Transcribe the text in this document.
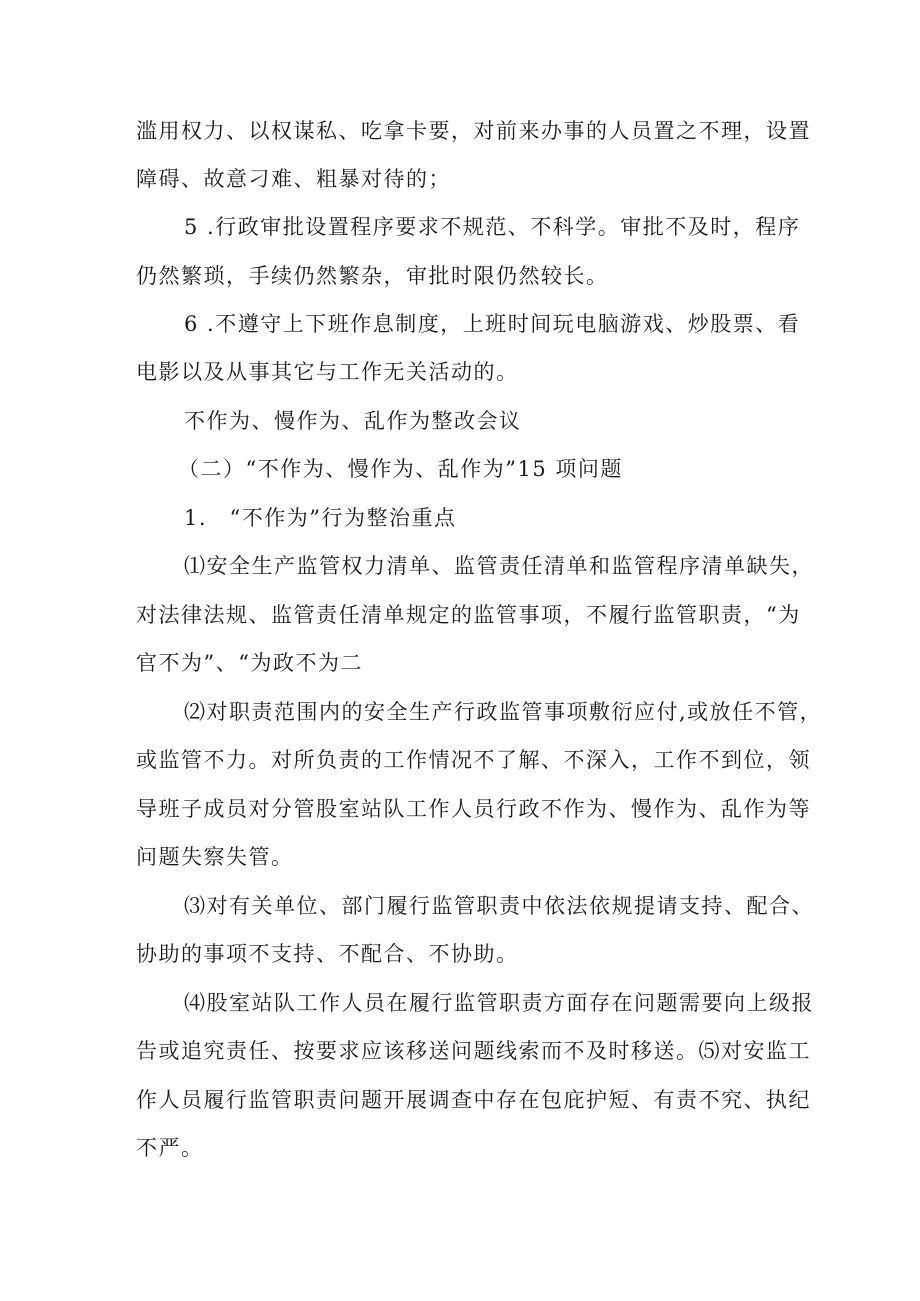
滥用权力、以权谋私、吃拿卡要，对前来办事的人员置之不理，设置
障碍、故意刁难、粗暴对待的；
5 .行政审批设置程序要求不规范、不科学。审批不及时，程序
仍然繁琐，手续仍然繁杂，审批时限仍然较长。
6 .不遵守上下班作息制度，上班时间玩电脑游戏、炒股票、看
电影以及从事其它与工作无关活动的。
不作为、慢作为、乱作为整改会议
（二）“不作为、慢作为、乱作为”15 项问题
1.　“不作为”行为整治重点
⑴安全生产监管权力清单、监管责任清单和监管程序清单缺失，
对法律法规、监管责任清单规定的监管事项，不履行监管职责，“为
官不为”、“为政不为二
⑵对职责范围内的安全生产行政监管事项敷衍应付,或放任不管，
或监管不力。对所负责的工作情况不了解、不深入，工作不到位，领
导班子成员对分管股室站队工作人员行政不作为、慢作为、乱作为等
问题失察失管。
⑶对有关单位、部门履行监管职责中依法依规提请支持、配合、
协助的事项不支持、不配合、不协助。
⑷股室站队工作人员在履行监管职责方面存在问题需要向上级报
告或追究责任、按要求应该移送问题线索而不及时移送。⑸对安监工
作人员履行监管职责问题开展调查中存在包庇护短、有责不究、执纪
不严。
